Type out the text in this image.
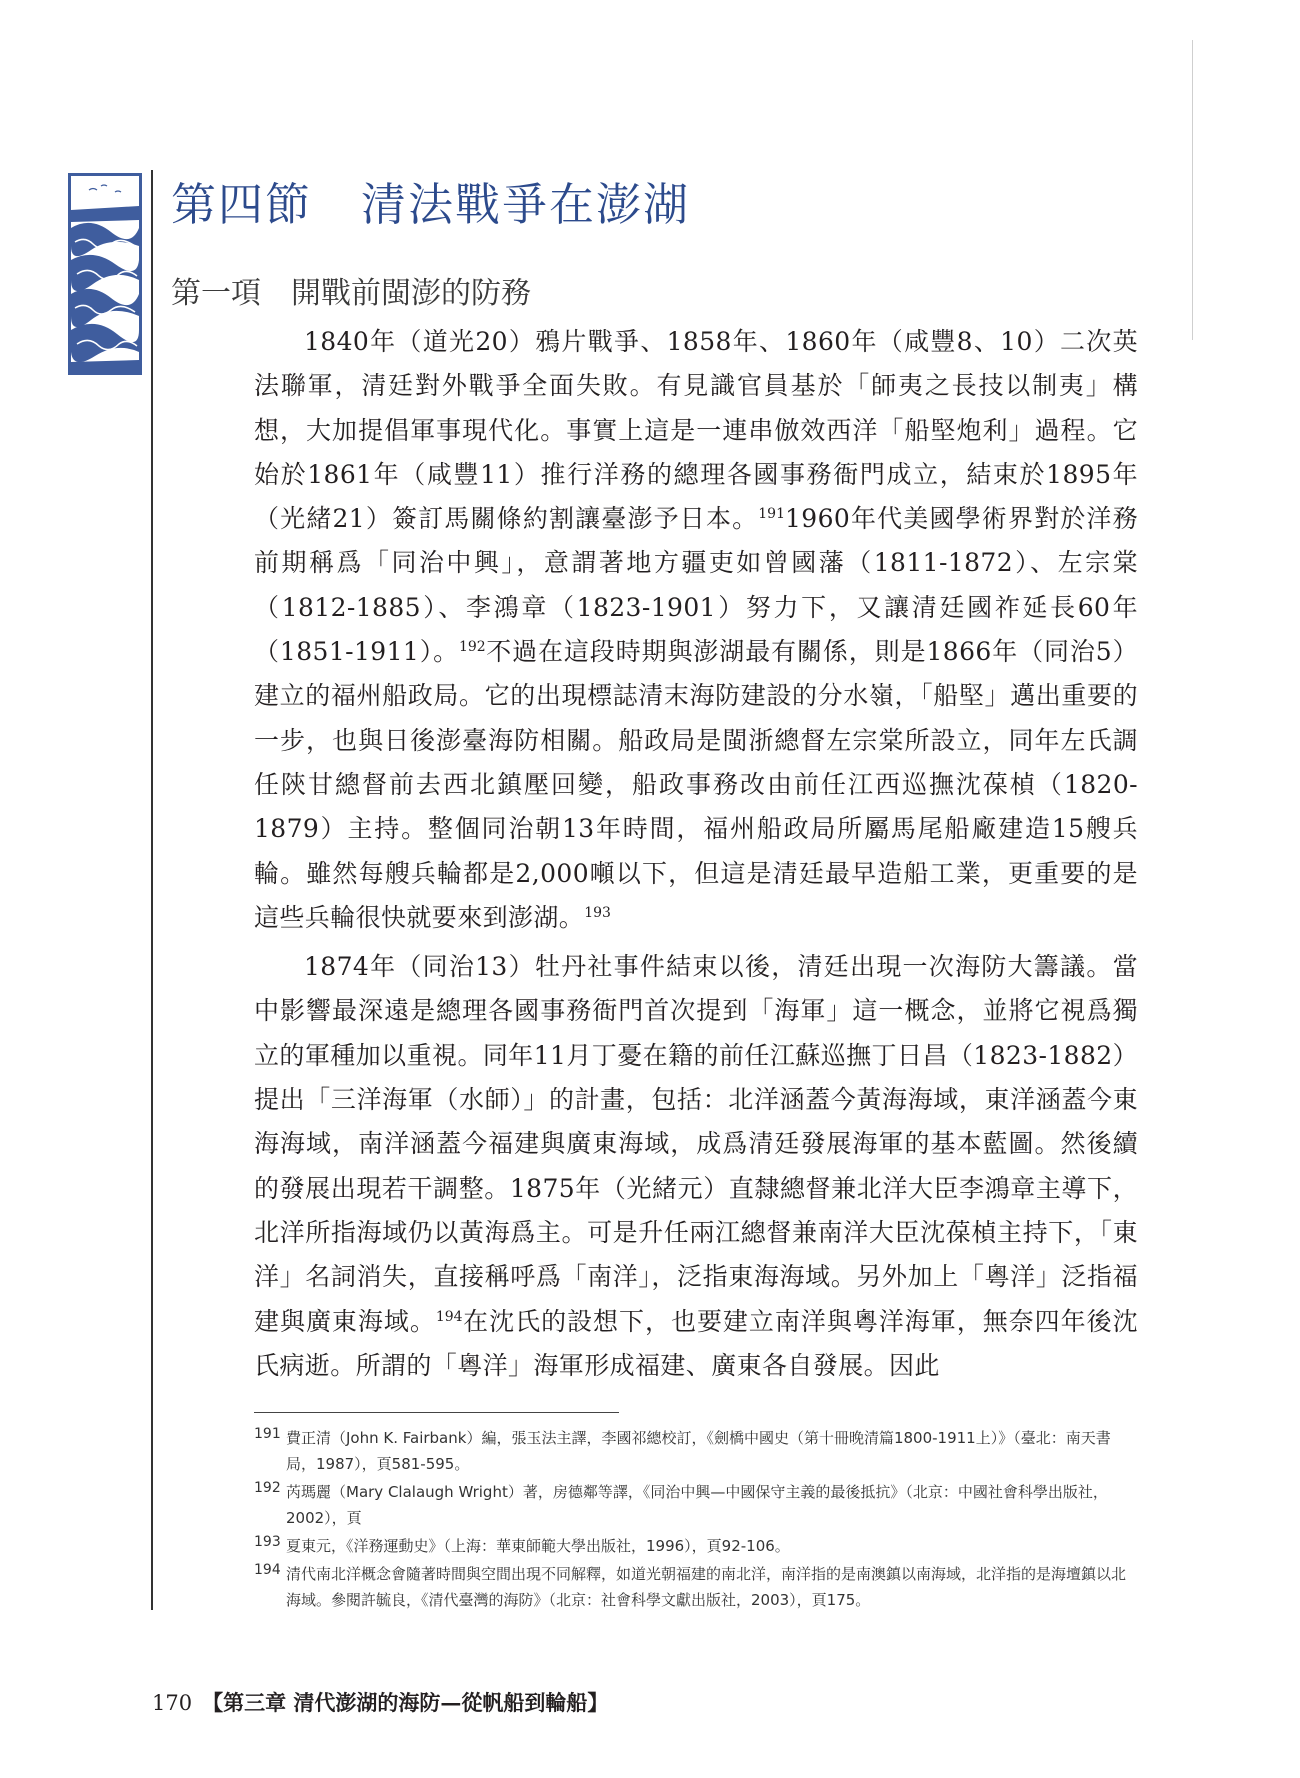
第四節 清法戰爭在澎湖
第一項　 開戰前閩澎的防務

1840年（道光20）鴉片戰爭、1858年、1860年（咸豐8、10）二次英法聯軍，清廷對外戰爭全面失敗。有見識官員基於「師夷之長技以制夷」構想，大加提倡軍事現代化。事實上這是一連串倣效西洋「船堅炮利」過程。它始於1861年（咸豐11）推行洋務的總理各國事務衙門成立，結束於1895年（光緒21）簽訂馬關條約割讓臺澎予日本。$^{191}$1960年代美國學術界對於洋務前期稱爲「同治中興」，意謂著地方疆吏如曾國藩（1811-1872）、左宗棠（1812-1885）、李鴻章（1823-1901）努力下，又讓清廷國祚延長60年（1851-1911）。$^{192}$不過在這段時期與澎湖最有關係，則是1866年（同治5）建立的福州船政局。它的出現標誌清末海防建設的分水嶺，「船堅」邁出重要的一步，也與日後澎臺海防相關。船政局是閩浙總督左宗棠所設立，同年左氏調任陝甘總督前去西北鎮壓回變，船政事務改由前任江西巡撫沈葆楨（1820-1879）主持。整個同治朝13年時間，福州船政局所屬馬尾船廠建造15艘兵輪。雖然每艘兵輪都是2,000噸以下，但這是清廷最早造船工業，更重要的是這些兵輪很快就要來到澎湖。$^{193}$

1874年（同治13）牡丹社事件結束以後，清廷出現一次海防大籌議。當中影響最深遠是總理各國事務衙門首次提到「海軍」這一概念，並將它視爲獨立的軍種加以重視。同年11月丁憂在籍的前任江蘇巡撫丁日昌（1823-1882）提出「三洋海軍（水師）」的計畫，包括：北洋涵蓋今黃海海域，東洋涵蓋今東海海域，南洋涵蓋今福建與廣東海域，成爲清廷發展海軍的基本藍圖。然後續的發展出現若干調整。1875年（光緒元）直隸總督兼北洋大臣李鴻章主導下，北洋所指海域仍以黃海爲主。可是升任兩江總督兼南洋大臣沈葆楨主持下，「東洋」名詞消失，直接稱呼爲「南洋」，泛指東海海域。另外加上「粵洋」泛指福建與廣東海域。$^{194}$在沈氏的設想下，也要建立南洋與粵洋海軍，無奈四年後沈氏病逝。所謂的「粵洋」海軍形成福建、廣東各自發展。因此

191 費正清（John K. Fairbank）編，張玉法主譯，李國祁總校訂，《劍橋中國史（第十冊晚清篇1800-1911上）》（臺北：南天書局，1987），頁581-595。
192 芮瑪麗（Mary Clalaugh Wright）著，房德鄰等譯，《同治中興—中國保守主義的最後抵抗》（北京：中國社會科學出版社，2002），頁
193 夏東元，《洋務運動史》（上海：華東師範大學出版社，1996），頁92-106。
194 清代南北洋概念會隨著時間與空間出現不同解釋，如道光朝福建的南北洋，南洋指的是南澳鎮以南海域，北洋指的是海壇鎮以北海域。參閱許毓良，《清代臺灣的海防》（北京：社會科學文獻出版社，2003），頁175。
170 【第三章 清代澎湖的海防—從帆船到輪船】
